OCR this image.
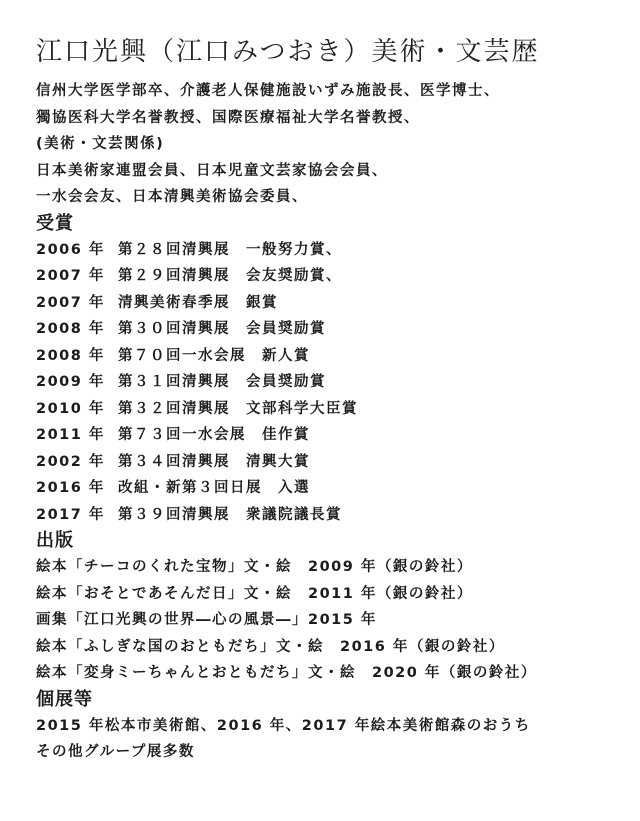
江口光興（江口みつおき）美術・文芸歴
信州大学医学部卒、介護老人保健施設いずみ施設長、医学博士、
獨協医科大学名誉教授、国際医療福祉大学名誉教授、
(美術・文芸関係)
日本美術家連盟会員、日本児童文芸家協会会員、
一水会会友、日本清興美術協会委員、
受賞
2006 年 第２８回清興展 一般努力賞、
2007 年 第２９回清興展 会友奨励賞、
2007 年 清興美術春季展 銀賞
2008 年 第３０回清興展 会員奨励賞
2008 年 第７０回一水会展 新人賞
2009 年 第３１回清興展 会員奨励賞
2010 年 第３２回清興展 文部科学大臣賞
2011 年 第７３回一水会展 佳作賞
2002 年 第３４回清興展 清興大賞
2016 年 改組・新第３回日展 入選
2017 年 第３９回清興展 衆議院議長賞
出版
絵本「チーコのくれた宝物」文・絵　2009 年（銀の鈴社）
絵本「おそとであそんだ日」文・絵　2011 年（銀の鈴社）
画集「江口光興の世界―心の風景―」2015 年
絵本「ふしぎな国のおともだち」文・絵　2016 年（銀の鈴社）
絵本「変身ミーちゃんとおともだち」文・絵　2020 年（銀の鈴社）
個展等
2015 年松本市美術館、2016 年、2017 年絵本美術館森のおうち
その他グループ展多数
